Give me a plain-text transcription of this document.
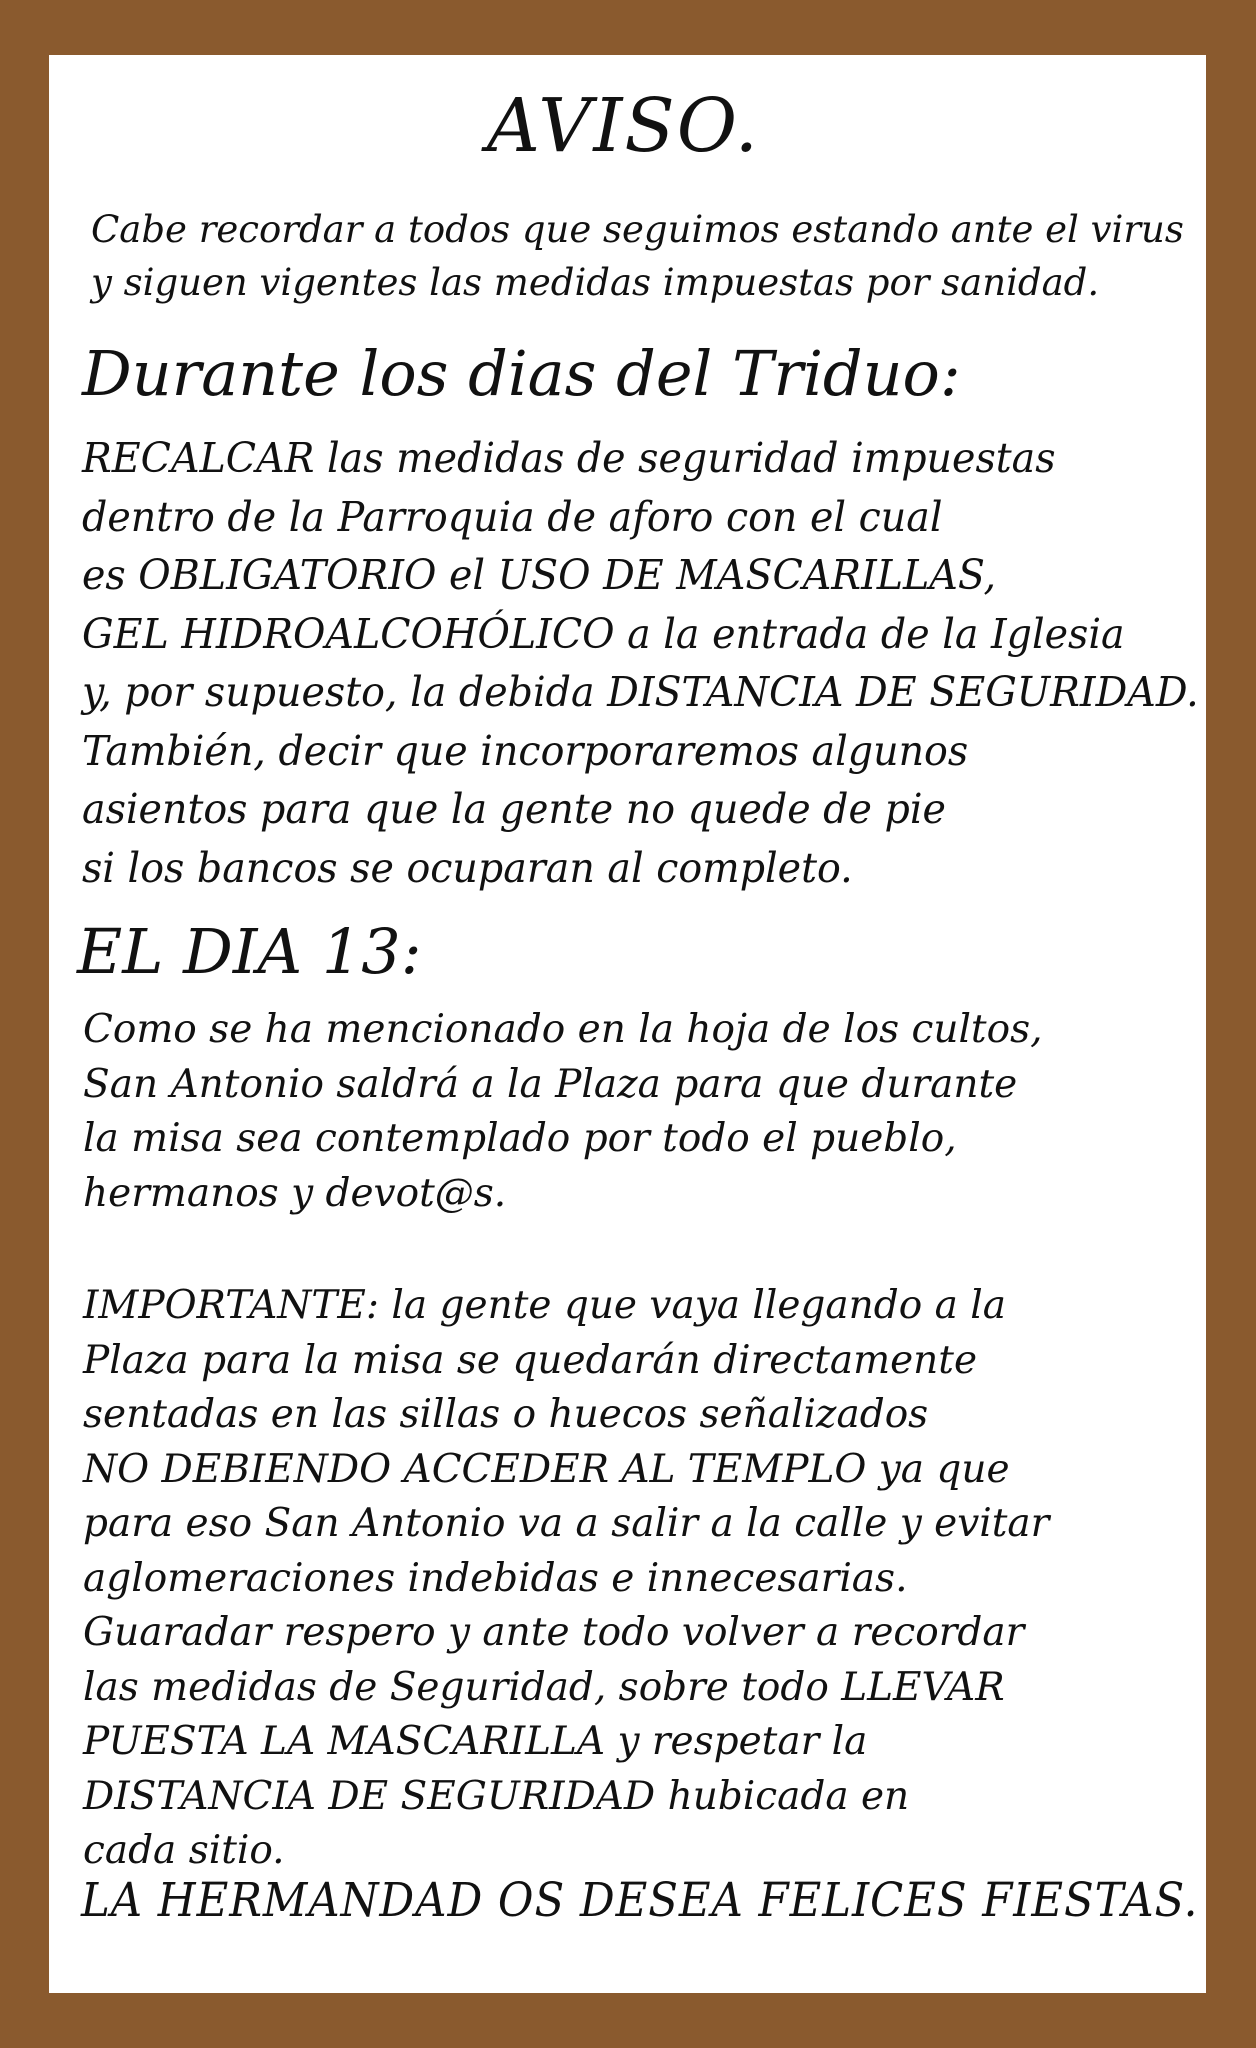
AVISO.
Cabe recordar a todos que seguimos estando ante el virus
y siguen vigentes las medidas impuestas por sanidad.
Durante los dias del Triduo:
RECALCAR las medidas de seguridad impuestas
dentro de la Parroquia de aforo con el cual
es OBLIGATORIO el USO DE MASCARILLAS,
GEL HIDROALCOHÓLICO a la entrada de la Iglesia
y, por supuesto, la debida DISTANCIA DE SEGURIDAD.
También, decir que incorporaremos algunos
asientos para que la gente no quede de pie
si los bancos se ocuparan al completo.
EL DIA 13:
Como se ha mencionado en la hoja de los cultos,
San Antonio saldrá a la Plaza para que durante
la misa sea contemplado por todo el pueblo,
hermanos y devot@s.
IMPORTANTE: la gente que vaya llegando a la
Plaza para la misa se quedarán directamente
sentadas en las sillas o huecos señalizados
NO DEBIENDO ACCEDER AL TEMPLO ya que
para eso San Antonio va a salir a la calle y evitar
aglomeraciones indebidas e innecesarias.
Guaradar respero y ante todo volver a recordar
las medidas de Seguridad, sobre todo LLEVAR
PUESTA LA MASCARILLA y respetar la
DISTANCIA DE SEGURIDAD hubicada en
cada sitio.
LA HERMANDAD OS DESEA FELICES FIESTAS.
